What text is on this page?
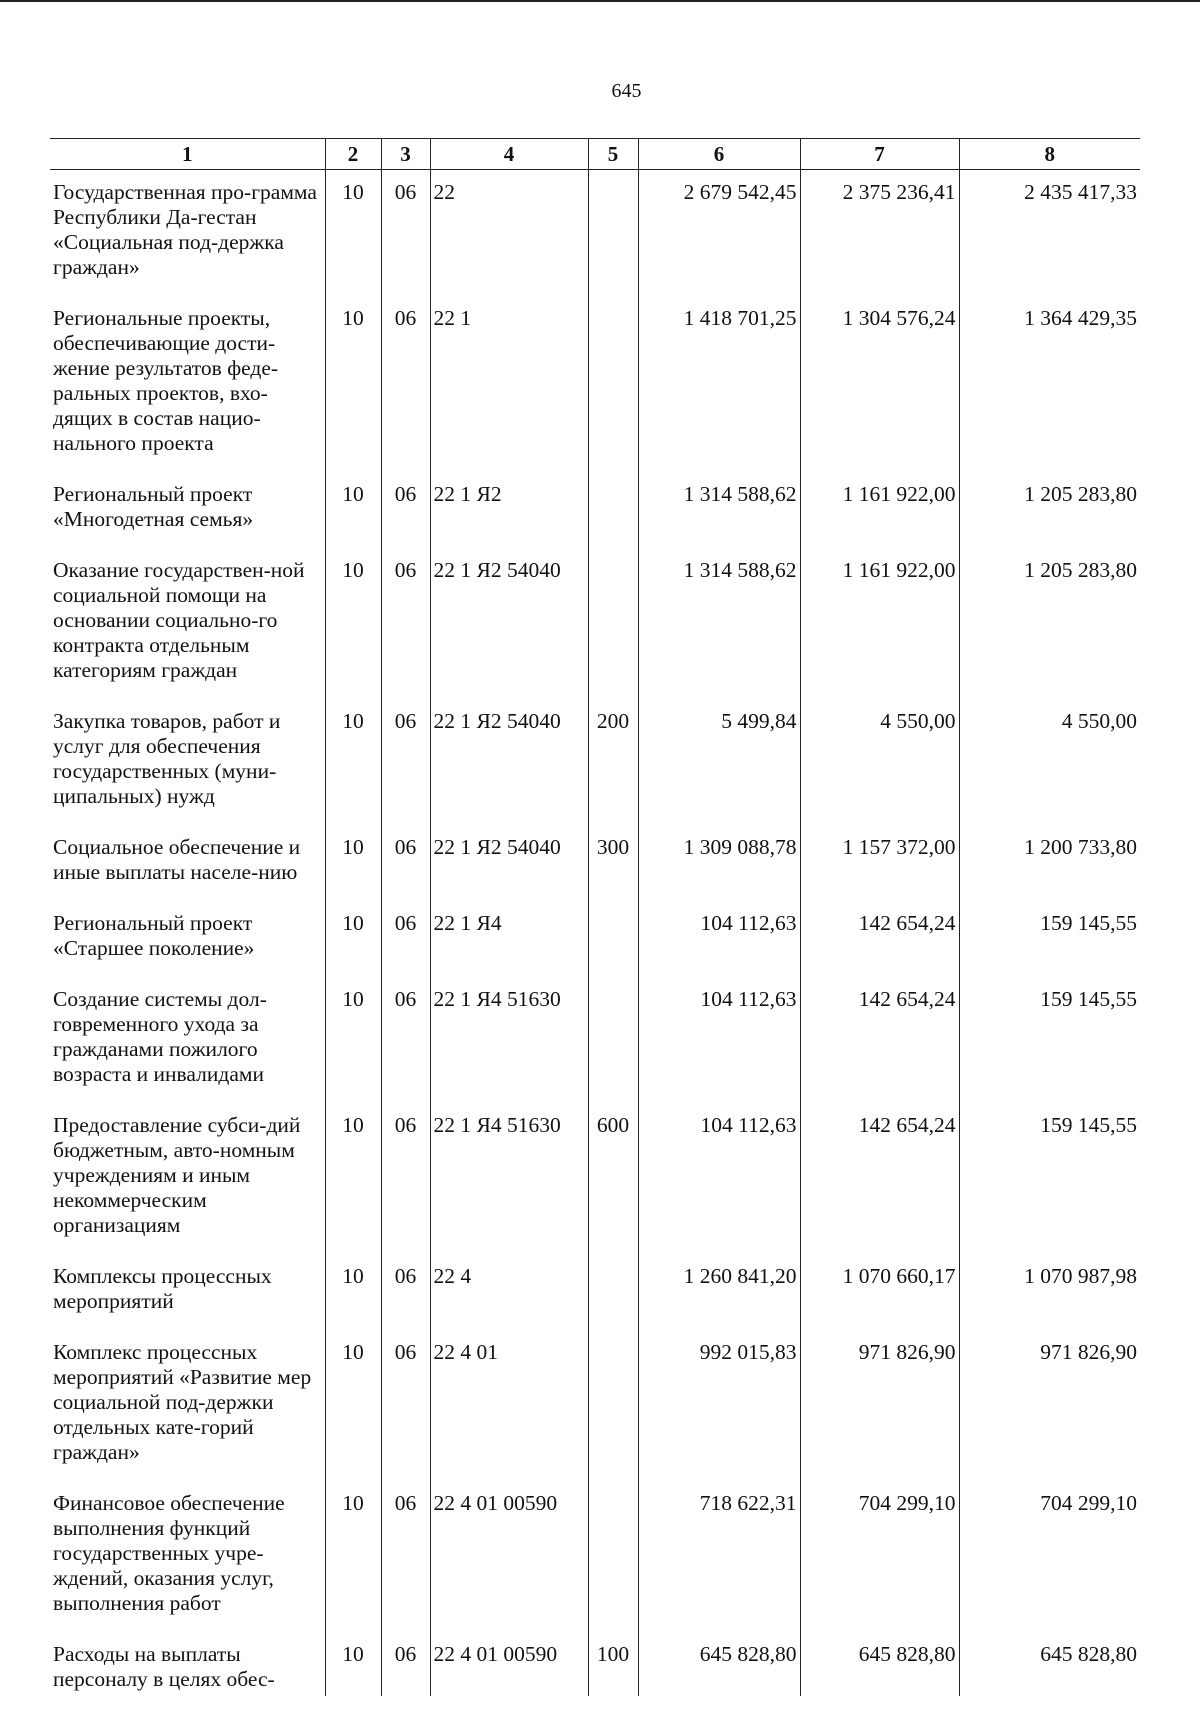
645
1	2	3	4	5	6	7	8
Государственная про-грамма Республики Да-гестан «Социальная под-держка граждан»	10	06	22		2 679 542,45	2 375 236,41	2 435 417,33
Региональные проекты, обеспечивающие дости-жение результатов феде-ральных проектов, вхо-дящих в состав нацио-нального проекта	10	06	22 1		1 418 701,25	1 304 576,24	1 364 429,35
Региональный проект «Многодетная семья»	10	06	22 1 Я2		1 314 588,62	1 161 922,00	1 205 283,80
Оказание государствен-ной социальной помощи на основании социально-го контракта отдельным категориям граждан	10	06	22 1 Я2 54040		1 314 588,62	1 161 922,00	1 205 283,80
Закупка товаров, работ и услуг для обеспечения государственных (муни-ципальных) нужд	10	06	22 1 Я2 54040	200	5 499,84	4 550,00	4 550,00
Социальное обеспечение и иные выплаты населе-нию	10	06	22 1 Я2 54040	300	1 309 088,78	1 157 372,00	1 200 733,80
Региональный проект «Старшее поколение»	10	06	22 1 Я4		104 112,63	142 654,24	159 145,55
Создание системы дол-говременного ухода за гражданами пожилого возраста и инвалидами	10	06	22 1 Я4 51630		104 112,63	142 654,24	159 145,55
Предоставление субси-дий бюджетным, авто-номным учреждениям и иным некоммерческим организациям	10	06	22 1 Я4 51630	600	104 112,63	142 654,24	159 145,55
Комплексы процессных мероприятий	10	06	22 4		1 260 841,20	1 070 660,17	1 070 987,98
Комплекс процессных мероприятий «Развитие мер социальной под-держки отдельных кате-горий граждан»	10	06	22 4 01		992 015,83	971 826,90	971 826,90
Финансовое обеспечение выполнения функций государственных учре-ждений, оказания услуг, выполнения работ	10	06	22 4 01 00590		718 622,31	704 299,10	704 299,10
Расходы на выплаты персоналу в целях обес-	10	06	22 4 01 00590	100	645 828,80	645 828,80	645 828,80
